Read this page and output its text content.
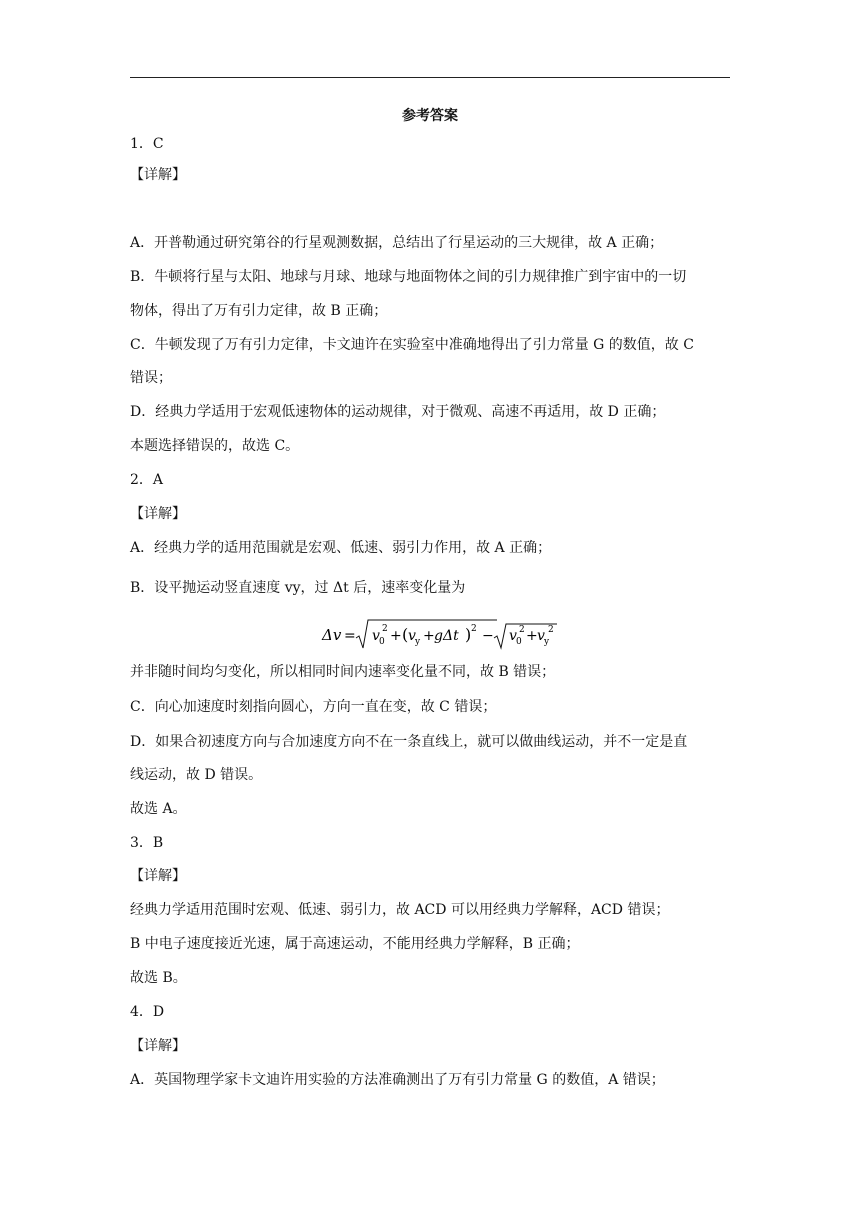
参考答案
1．C
【详解】
A．开普勒通过研究第谷的行星观测数据，总结出了行星运动的三大规律，故 A 正确；
B．牛顿将行星与太阳、地球与月球、地球与地面物体之间的引力规律推广到宇宙中的一切
物体，得出了万有引力定律，故 B 正确；
C．牛顿发现了万有引力定律，卡文迪许在实验室中准确地得出了引力常量 G 的数值，故 C
错误；
D．经典力学适用于宏观低速物体的运动规律，对于微观、高速不再适用，故 D 正确；
本题选择错误的，故选 C。
2．A
【详解】
A．经典力学的适用范围就是宏观、低速、弱引力作用，故 A 正确；
B．设平抛运动竖直速度 vy，过 Δt 后，速率变化量为
Δv = v 0
2 + ( v y + gΔt ) 2 − v 0
2 + v y
2
并非随时间均匀变化，所以相同时间内速率变化量不同，故 B 错误；
C．向心加速度时刻指向圆心，方向一直在变，故 C 错误；
D．如果合初速度方向与合加速度方向不在一条直线上，就可以做曲线运动，并不一定是直
线运动，故 D 错误。
故选 A。
3．B
【详解】
经典力学适用范围时宏观、低速、弱引力，故 ACD 可以用经典力学解释，ACD 错误；
B 中电子速度接近光速，属于高速运动，不能用经典力学解释，B 正确；
故选 B。
4．D
【详解】
A．英国物理学家卡文迪许用实验的方法准确测出了万有引力常量 G 的数值，A 错误；
